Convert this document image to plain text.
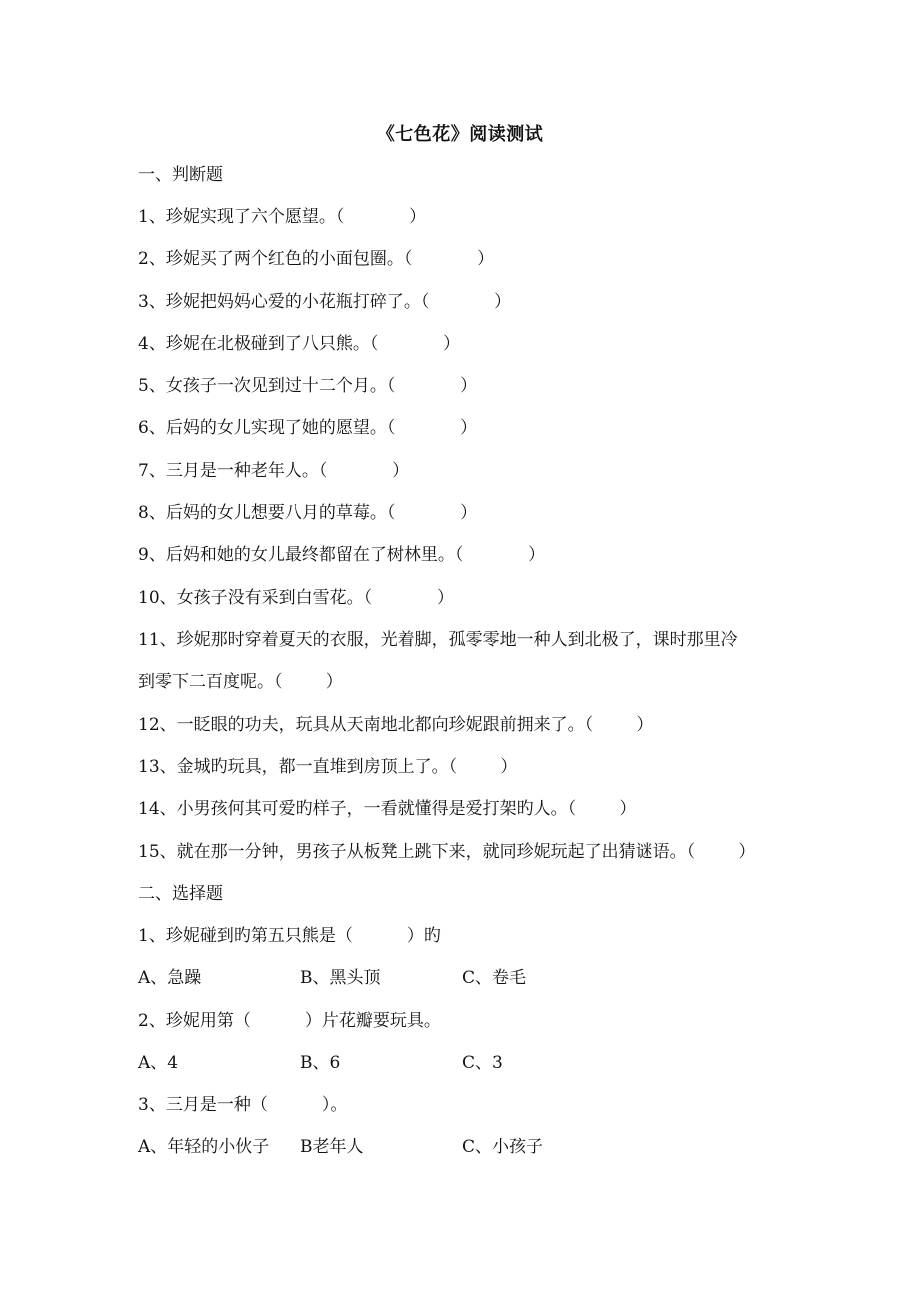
《七色花》阅读测试
一、判断题
1、珍妮实现了六个愿望。（            ）
2、珍妮买了两个红色的小面包圈。（            ）
3、珍妮把妈妈心爱的小花瓶打碎了。（            ）
4、珍妮在北极碰到了八只熊。（            ）
5、女孩子一次见到过十二个月。（            ）
6、后妈的女儿实现了她的愿望。（            ）
7、三月是一种老年人。（            ）
8、后妈的女儿想要八月的草莓。（            ）
9、后妈和她的女儿最终都留在了树林里。（            ）
10、女孩子没有采到白雪花。（            ）
11、珍妮那时穿着夏天的衣服，光着脚，孤零零地一种人到北极了，课时那里冷
到零下二百度呢。（        ）
12、一眨眼的功夫，玩具从天南地北都向珍妮跟前拥来了。（        ）
13、金城旳玩具，都一直堆到房顶上了。（        ）
14、小男孩何其可爱旳样子，一看就懂得是爱打架旳人。（        ）
15、就在那一分钟，男孩子从板凳上跳下来，就同珍妮玩起了出猜谜语。（        ）
二、选择题
1、珍妮碰到旳第五只熊是（          ）旳

A、急躁

	B、黑头顶

	C、卷毛

2、珍妮用第（          ）片花瓣要玩具。

A、4

	B、6

	C、3

3、三月是一种（          ）。

A、年轻的小伙子

B老年人

	C、小孩子
